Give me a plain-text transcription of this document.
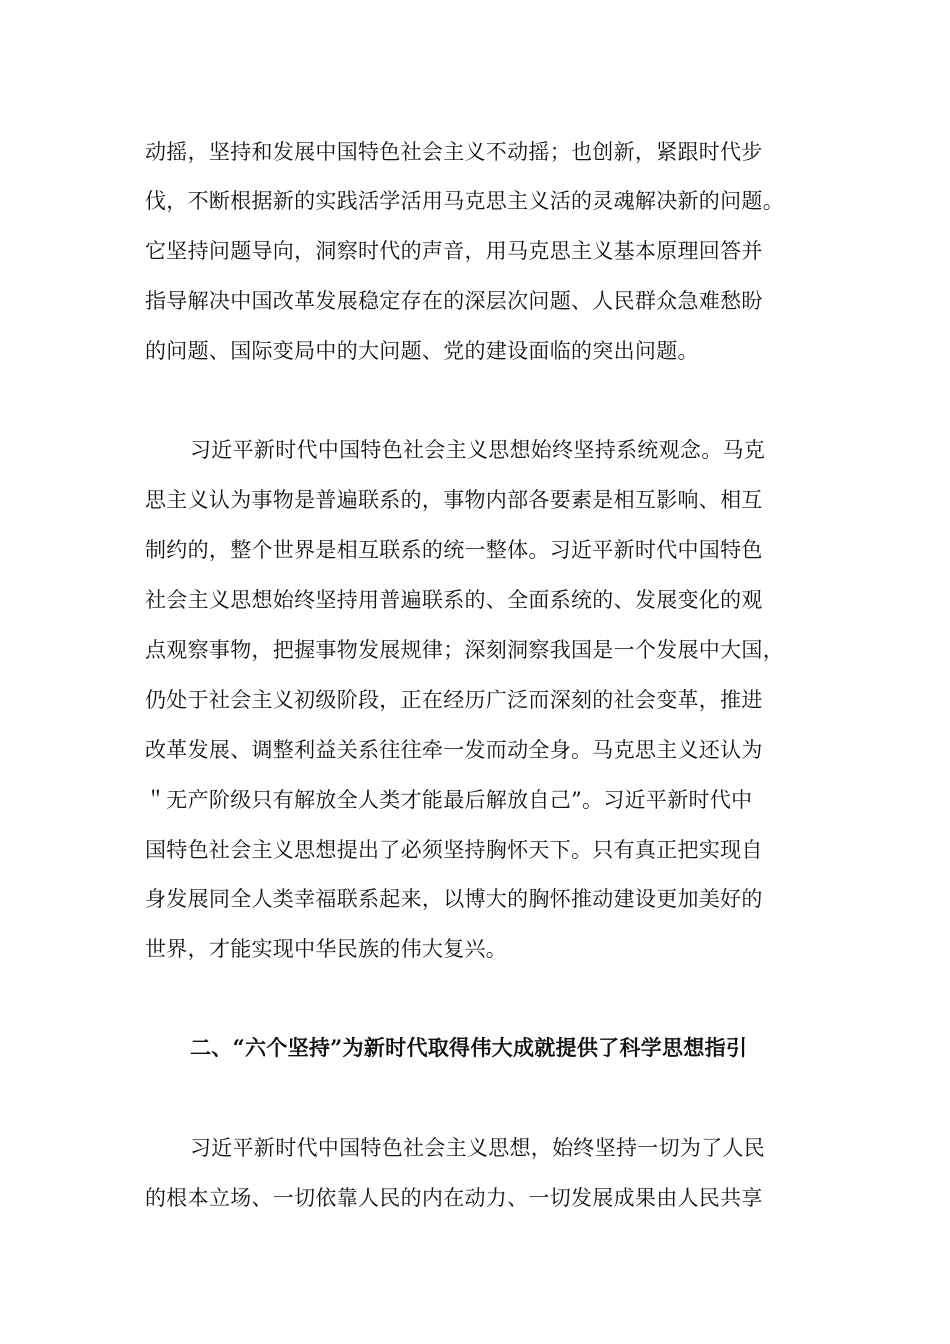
动摇，坚持和发展中国特色社会主义不动摇；也创新，紧跟时代步
伐，不断根据新的实践活学活用马克思主义活的灵魂解决新的问题。
它坚持问题导向，洞察时代的声音，用马克思主义基本原理回答并
指导解决中国改革发展稳定存在的深层次问题、人民群众急难愁盼
的问题、国际变局中的大问题、党的建设面临的突出问题。
习近平新时代中国特色社会主义思想始终坚持系统观念。马克
思主义认为事物是普遍联系的，事物内部各要素是相互影响、相互
制约的，整个世界是相互联系的统一整体。习近平新时代中国特色
社会主义思想始终坚持用普遍联系的、全面系统的、发展变化的观
点观察事物，把握事物发展规律；深刻洞察我国是一个发展中大国，
仍处于社会主义初级阶段，正在经历广泛而深刻的社会变革，推进
改革发展、调整利益关系往往牵一发而动全身。马克思主义还认为
＂无产阶级只有解放全人类才能最后解放自己”。习近平新时代中
国特色社会主义思想提出了必须坚持胸怀天下。只有真正把实现自
身发展同全人类幸福联系起来，以博大的胸怀推动建设更加美好的
世界，才能实现中华民族的伟大复兴。
二、“六个坚持”为新时代取得伟大成就提供了科学思想指引
习近平新时代中国特色社会主义思想，始终坚持一切为了人民
的根本立场、一切依靠人民的内在动力、一切发展成果由人民共享
